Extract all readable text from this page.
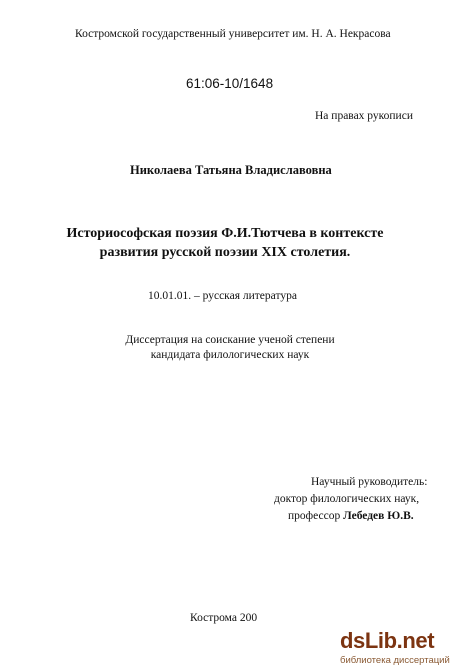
Костромской государственный университет им. Н. А. Некрасова
61:06-10/1648
На правах рукописи
Николаева Татьяна Владиславовна
Историософская поэзия Ф.И.Тютчева в контексте
развития русской поэзии XIX столетия.
10.01.01. – русская литература
Диссертация на соискание ученой степени
кандидата филологических наук
Научный руководитель:
доктор филологических наук,
профессор Лебедев Ю.В.
Кострома 200
dsLib.net
библиотека диссертаций
